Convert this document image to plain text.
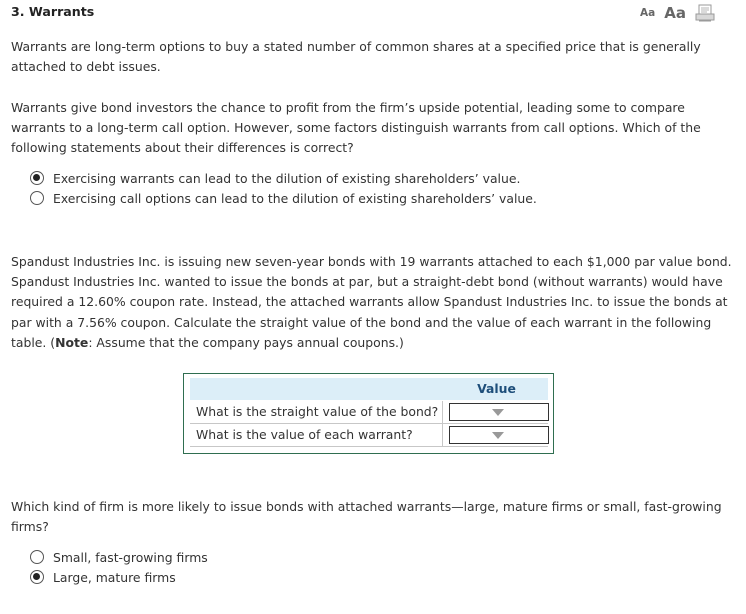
3. Warrants	Aa Aa
Warrants are long-term options to buy a stated number of common shares at a specified price that is generally attached to debt issues.
Warrants give bond investors the chance to profit from the firm’s upside potential, leading some to compare warrants to a long-term call option. However, some factors distinguish warrants from call options. Which of the following statements about their differences is correct?
Exercising warrants can lead to the dilution of existing shareholders’ value.
Exercising call options can lead to the dilution of existing shareholders’ value.
Spandust Industries Inc. is issuing new seven-year bonds with 19 warrants attached to each $1,000 par value bond. Spandust Industries Inc. wanted to issue the bonds at par, but a straight-debt bond (without warrants) would have required a 12.60% coupon rate. Instead, the attached warrants allow Spandust Industries Inc. to issue the bonds at par with a 7.56% coupon. Calculate the straight value of the bond and the value of each warrant in the following table. (Note: Assume that the company pays annual coupons.)
Value
What is the straight value of the bond?
What is the value of each warrant?
Which kind of firm is more likely to issue bonds with attached warrants—large, mature firms or small, fast-growing firms?
Small, fast-growing firms
Large, mature firms
